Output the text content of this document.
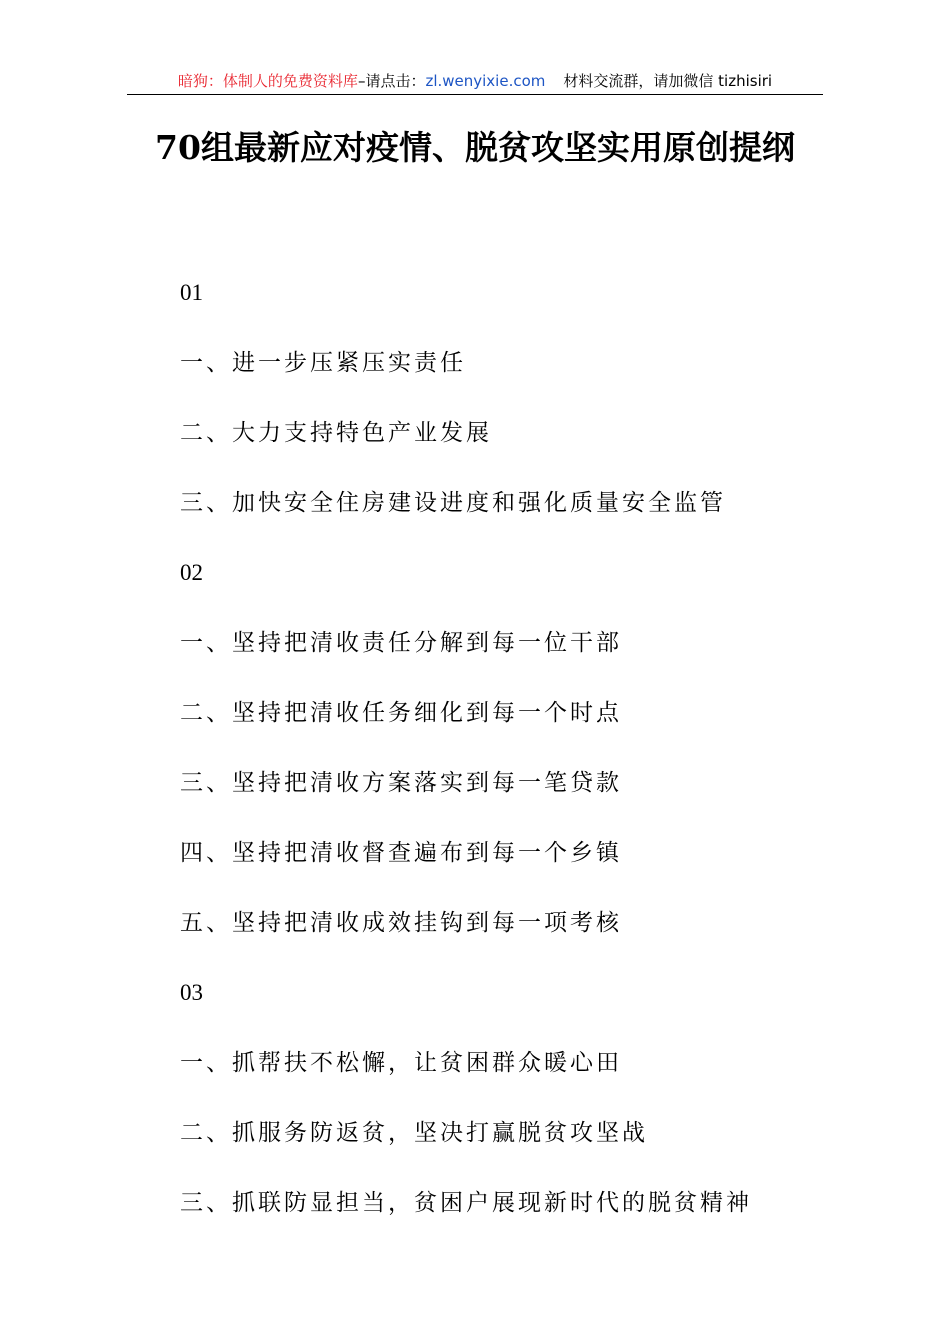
暗狗：体制人的免费资料库–请点击：zl.wenyixie.com 材料交流群，请加微信 tizhisiri
70组最新应对疫情、脱贫攻坚实用原创提纲
01
一、进一步压紧压实责任
二、大力支持特色产业发展
三、加快安全住房建设进度和强化质量安全监管
02
一、坚持把清收责任分解到每一位干部
二、坚持把清收任务细化到每一个时点
三、坚持把清收方案落实到每一笔贷款
四、坚持把清收督查遍布到每一个乡镇
五、坚持把清收成效挂钩到每一项考核
03
一、抓帮扶不松懈，让贫困群众暖心田
二、抓服务防返贫，坚决打赢脱贫攻坚战
三、抓联防显担当，贫困户展现新时代的脱贫精神
